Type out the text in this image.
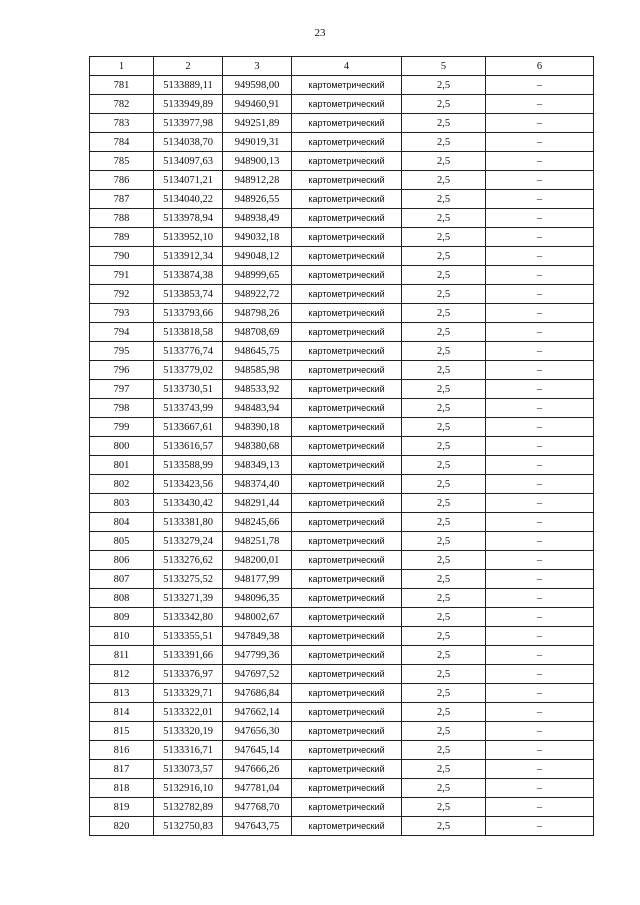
23
1	2	3	4	5	6
781	5133889,11	949598,00	картометрический	2,5	–
782	5133949,89	949460,91	картометрический	2,5	–
783	5133977,98	949251,89	картометрический	2,5	–
784	5134038,70	949019,31	картометрический	2,5	–
785	5134097,63	948900,13	картометрический	2,5	–
786	5134071,21	948912,28	картометрический	2,5	–
787	5134040,22	948926,55	картометрический	2,5	–
788	5133978,94	948938,49	картометрический	2,5	–
789	5133952,10	949032,18	картометрический	2,5	–
790	5133912,34	949048,12	картометрический	2,5	–
791	5133874,38	948999,65	картометрический	2,5	–
792	5133853,74	948922,72	картометрический	2,5	–
793	5133793,66	948798,26	картометрический	2,5	–
794	5133818,58	948708,69	картометрический	2,5	–
795	5133776,74	948645,75	картометрический	2,5	–
796	5133779,02	948585,98	картометрический	2,5	–
797	5133730,51	948533,92	картометрический	2,5	–
798	5133743,99	948483,94	картометрический	2,5	–
799	5133667,61	948390,18	картометрический	2,5	–
800	5133616,57	948380,68	картометрический	2,5	–
801	5133588,99	948349,13	картометрический	2,5	–
802	5133423,56	948374,40	картометрический	2,5	–
803	5133430,42	948291,44	картометрический	2,5	–
804	5133381,80	948245,66	картометрический	2,5	–
805	5133279,24	948251,78	картометрический	2,5	–
806	5133276,62	948200,01	картометрический	2,5	–
807	5133275,52	948177,99	картометрический	2,5	–
808	5133271,39	948096,35	картометрический	2,5	–
809	5133342,80	948002,67	картометрический	2,5	–
810	5133355,51	947849,38	картометрический	2,5	–
811	5133391,66	947799,36	картометрический	2,5	–
812	5133376,97	947697,52	картометрический	2,5	–
813	5133329,71	947686,84	картометрический	2,5	–
814	5133322,01	947662,14	картометрический	2,5	–
815	5133320,19	947656,30	картометрический	2,5	–
816	5133316,71	947645,14	картометрический	2,5	–
817	5133073,57	947666,26	картометрический	2,5	–
818	5132916,10	947781,04	картометрический	2,5	–
819	5132782,89	947768,70	картометрический	2,5	–
820	5132750,83	947643,75	картометрический	2,5	–
